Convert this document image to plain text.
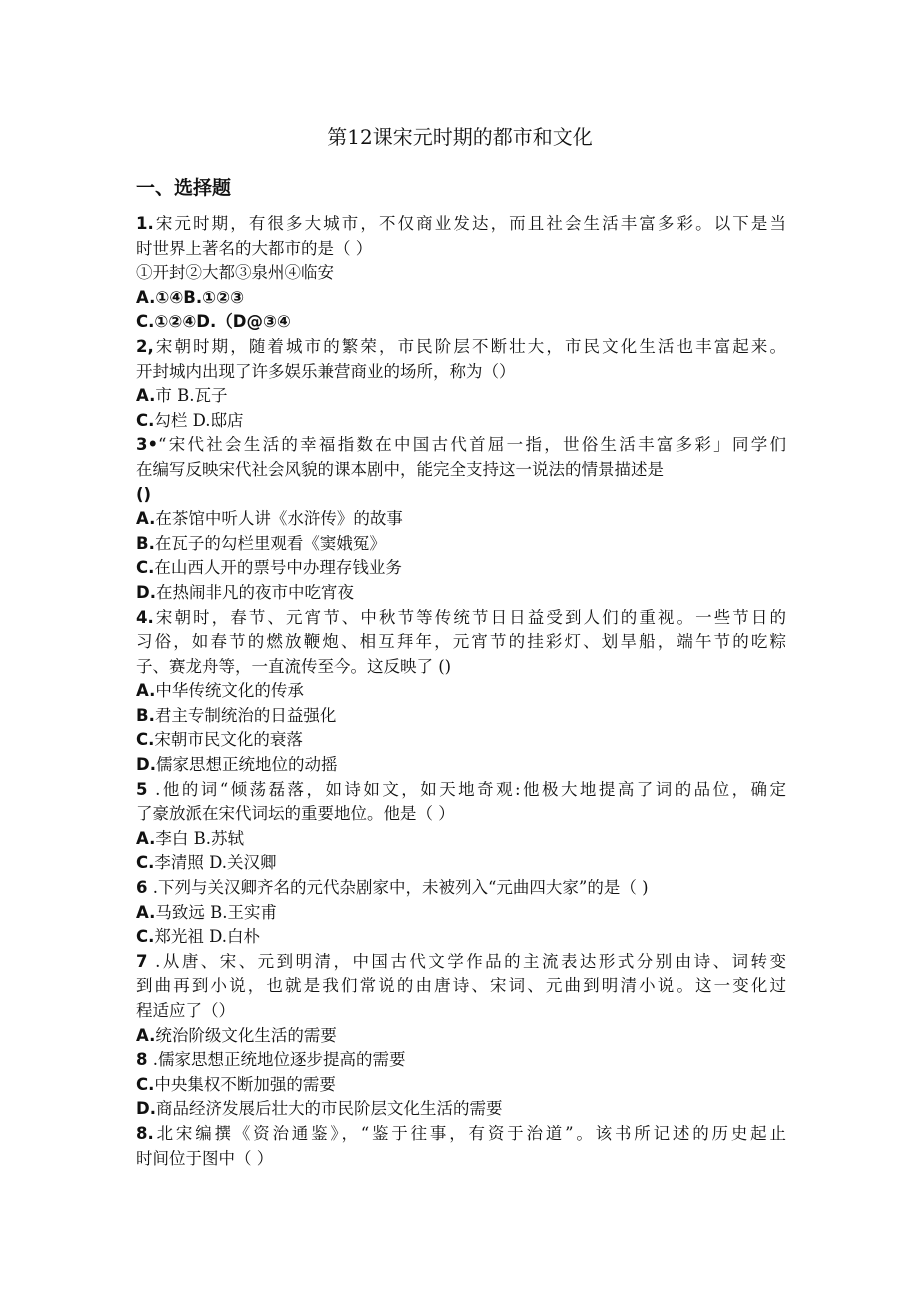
第12课宋元时期的都市和文化
一、选择题
1.宋元时期，有很多大城市，不仅商业发达，而且社会生活丰富多彩。以下是当
时世界上著名的大都市的是（ ）
①开封②大都③泉州④临安
A.①④B.①②③
C.①②④D.（D@③④
2,宋朝时期，随着城市的繁荣，市民阶层不断壮大，市民文化生活也丰富起来。
开封城内出现了许多娱乐兼营商业的场所，称为（）
A.市 B.瓦子
C.勾栏 D.邸店
3•“宋代社会生活的幸福指数在中国古代首屈一指，世俗生活丰富多彩」同学们
在编写反映宋代社会风貌的课本剧中，能完全支持这一说法的情景描述是
()
A.在茶馆中听人讲《水浒传》的故事
B.在瓦子的勾栏里观看《窦娥冤》
C.在山西人开的票号中办理存钱业务
D.在热闹非凡的夜市中吃宵夜
4.宋朝时，春节、元宵节、中秋节等传统节日日益受到人们的重视。一些节日的
习俗，如春节的燃放鞭炮、相互拜年，元宵节的挂彩灯、划旱船，端午节的吃粽
子、赛龙舟等，一直流传至今。这反映了 ()
A.中华传统文化的传承
B.君主专制统治的日益强化
C.宋朝市民文化的衰落
D.儒家思想正统地位的动摇
5 .他的词“倾荡磊落，如诗如文，如天地奇观:他极大地提高了词的品位，确定
了豪放派在宋代词坛的重要地位。他是（ ）
A.李白 B.苏轼
C.李清照 D.关汉卿
6 .下列与关汉卿齐名的元代杂剧家中，未被列入“元曲四大家”的是（ )
A.马致远 B.王实甫
C.郑光祖 D.白朴
7 .从唐、宋、元到明清，中国古代文学作品的主流表达形式分别由诗、词转变
到曲再到小说，也就是我们常说的由唐诗、宋词、元曲到明清小说。这一变化过
程适应了（）
A.统治阶级文化生活的需要
8 .儒家思想正统地位逐步提高的需要
C.中央集权不断加强的需要
D.商品经济发展后壮大的市民阶层文化生活的需要
8.北宋编撰《资治通鉴》，“鉴于往事，有资于治道”。该书所记述的历史起止
时间位于图中（ ）
